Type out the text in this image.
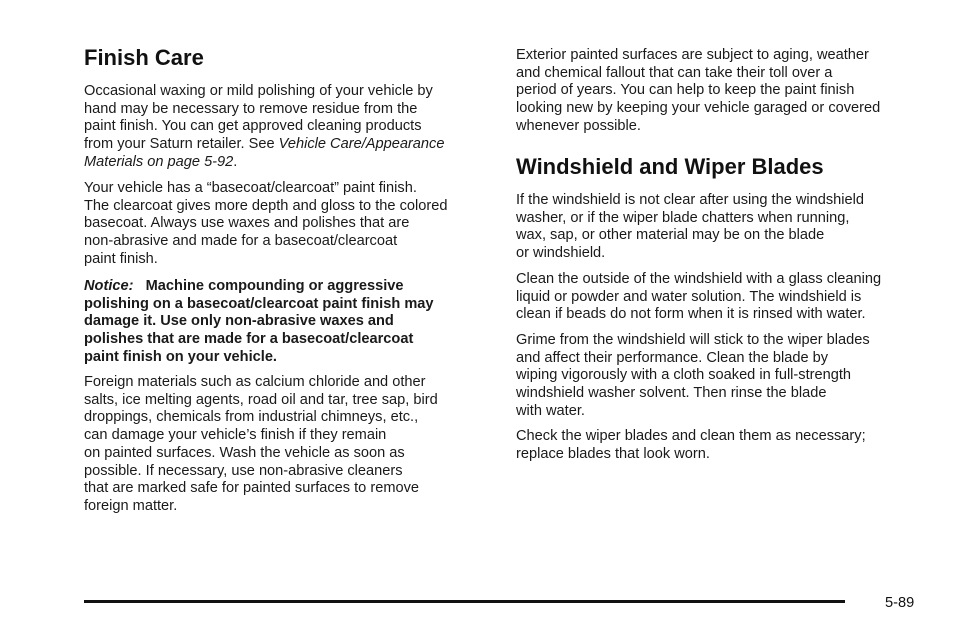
Finish Care

Occasional waxing or mild polishing of your vehicle by
hand may be necessary to remove residue from the
paint finish. You can get approved cleaning products
from your Saturn retailer. See Vehicle Care/Appearance
Materials on page 5-92.

Your vehicle has a “basecoat/clearcoat” paint finish.
The clearcoat gives more depth and gloss to the colored
basecoat. Always use waxes and polishes that are
non-abrasive and made for a basecoat/clearcoat
paint finish.

Notice: Machine compounding or aggressive
polishing on a basecoat/clearcoat paint finish may
damage it. Use only non-abrasive waxes and
polishes that are made for a basecoat/clearcoat
paint finish on your vehicle.

Foreign materials such as calcium chloride and other
salts, ice melting agents, road oil and tar, tree sap, bird
droppings, chemicals from industrial chimneys, etc.,
can damage your vehicle’s finish if they remain
on painted surfaces. Wash the vehicle as soon as
possible. If necessary, use non-abrasive cleaners
that are marked safe for painted surfaces to remove
foreign matter.

Exterior painted surfaces are subject to aging, weather
and chemical fallout that can take their toll over a
period of years. You can help to keep the paint finish
looking new by keeping your vehicle garaged or covered
whenever possible.

Windshield and Wiper Blades

If the windshield is not clear after using the windshield
washer, or if the wiper blade chatters when running,
wax, sap, or other material may be on the blade
or windshield.

Clean the outside of the windshield with a glass cleaning
liquid or powder and water solution. The windshield is
clean if beads do not form when it is rinsed with water.

Grime from the windshield will stick to the wiper blades
and affect their performance. Clean the blade by
wiping vigorously with a cloth soaked in full-strength
windshield washer solvent. Then rinse the blade
with water.

Check the wiper blades and clean them as necessary;
replace blades that look worn.

5-89
